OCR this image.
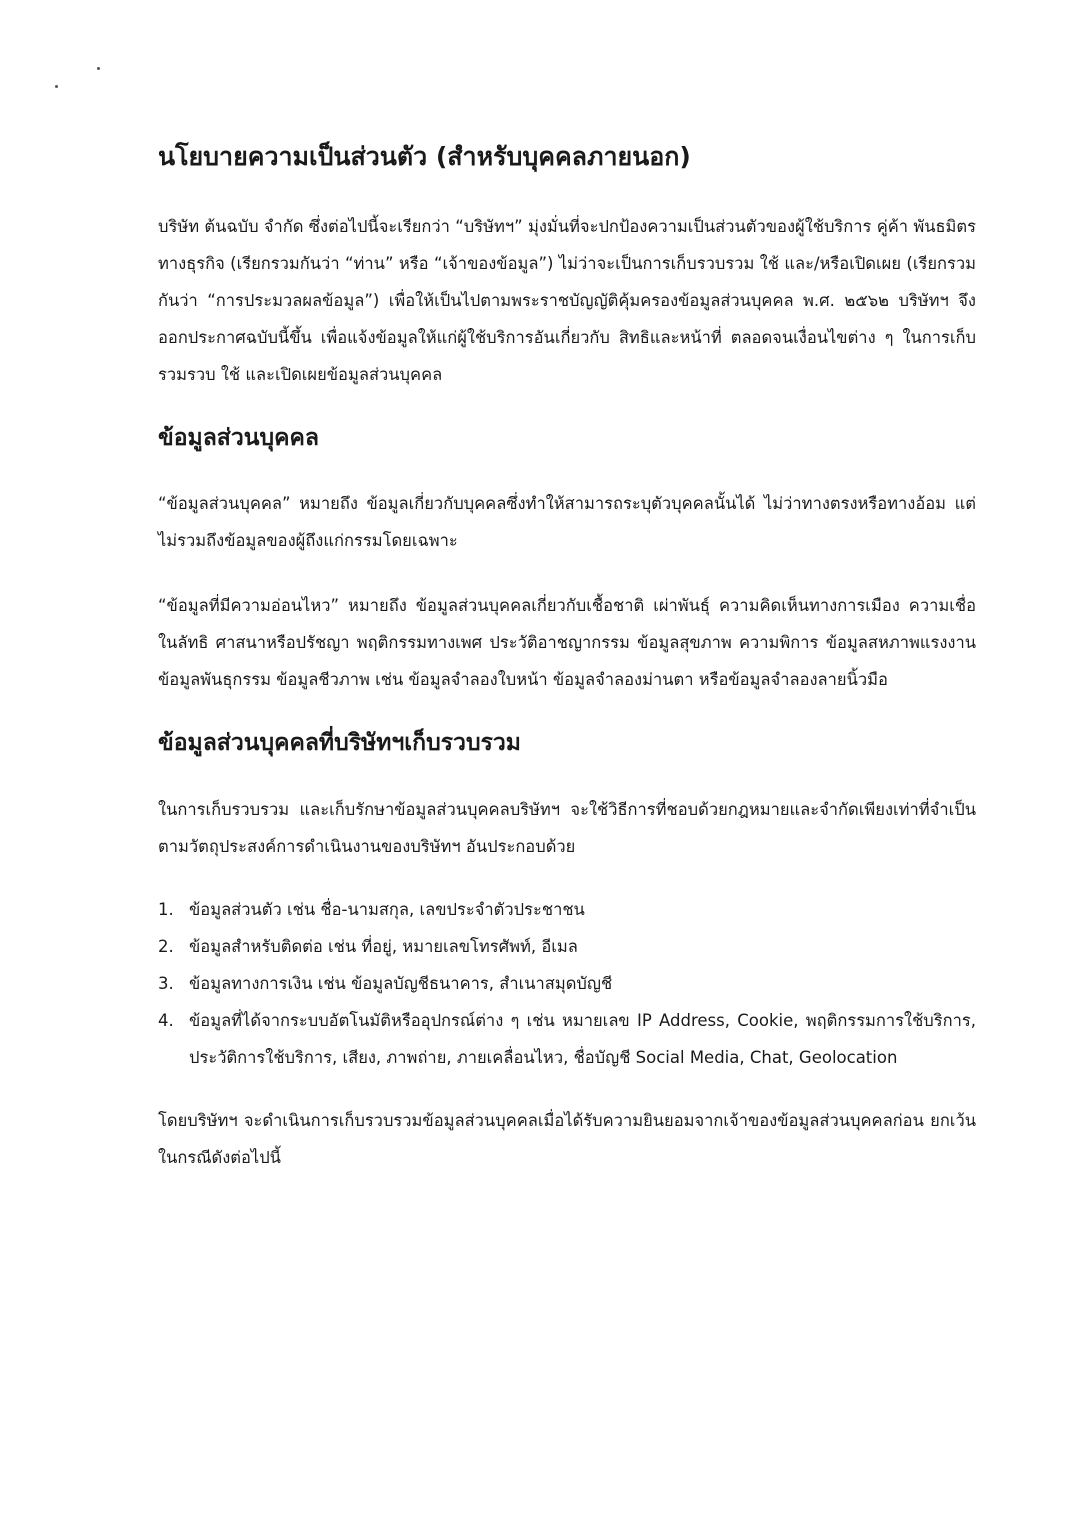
นโยบายความเป็นส่วนตัว (สำหรับบุคคลภายนอก)

บริษัท ต้นฉบับ จำกัด ซึ่งต่อไปนี้จะเรียกว่า “บริษัทฯ” มุ่งมั่นที่จะปกป้องความเป็นส่วนตัวของผู้ใช้บริการ คู่ค้า พันธมิตรทางธุรกิจ (เรียกรวมกันว่า “ท่าน” หรือ “เจ้าของข้อมูล”) ไม่ว่าจะเป็นการเก็บรวบรวม ใช้ และ/หรือเปิดเผย (เรียกรวมกันว่า “การประมวลผลข้อมูล”) เพื่อให้เป็นไปตามพระราชบัญญัติคุ้มครองข้อมูลส่วนบุคคล พ.ศ. ๒๕๖๒ บริษัทฯ จึงออกประกาศฉบับนี้ขึ้น เพื่อแจ้งข้อมูลให้แก่ผู้ใช้บริการอันเกี่ยวกับ สิทธิและหน้าที่ ตลอดจนเงื่อนไขต่าง ๆ ในการเก็บ รวมรวบ ใช้ และเปิดเผยข้อมูลส่วนบุคคล

ข้อมูลส่วนบุคคล

“ข้อมูลส่วนบุคคล” หมายถึง ข้อมูลเกี่ยวกับบุคคลซึ่งทำให้สามารถระบุตัวบุคคลนั้นได้ ไม่ว่าทางตรงหรือทางอ้อม แต่ไม่รวมถึงข้อมูลของผู้ถึงแก่กรรมโดยเฉพาะ

“ข้อมูลที่มีความอ่อนไหว” หมายถึง ข้อมูลส่วนบุคคลเกี่ยวกับเชื้อชาติ เผ่าพันธุ์ ความคิดเห็นทางการเมือง ความเชื่อในลัทธิ ศาสนาหรือปรัชญา พฤติกรรมทางเพศ ประวัติอาชญากรรม ข้อมูลสุขภาพ ความพิการ ข้อมูลสหภาพแรงงาน ข้อมูลพันธุกรรม ข้อมูลชีวภาพ เช่น ข้อมูลจำลองใบหน้า ข้อมูลจำลองม่านตา หรือข้อมูลจำลองลายนิ้วมือ

ข้อมูลส่วนบุคคลที่บริษัทฯเก็บรวบรวม

ในการเก็บรวบรวม และเก็บรักษาข้อมูลส่วนบุคคลบริษัทฯ จะใช้วิธีการที่ชอบด้วยกฎหมายและจำกัดเพียงเท่าที่จำเป็นตามวัตถุประสงค์การดำเนินงานของบริษัทฯ อันประกอบด้วย

1. ข้อมูลส่วนตัว เช่น ชื่อ-นามสกุล, เลขประจำตัวประชาชน
2. ข้อมูลสำหรับติดต่อ เช่น ที่อยู่, หมายเลขโทรศัพท์, อีเมล
3. ข้อมูลทางการเงิน เช่น ข้อมูลบัญชีธนาคาร, สำเนาสมุดบัญชี
4. ข้อมูลที่ได้จากระบบอัตโนมัติหรืออุปกรณ์ต่าง ๆ เช่น หมายเลข IP Address, Cookie, พฤติกรรมการใช้บริการ, ประวัติการใช้บริการ, เสียง, ภาพถ่าย, ภายเคลื่อนไหว, ชื่อบัญชี Social Media, Chat, Geolocation

โดยบริษัทฯ จะดำเนินการเก็บรวบรวมข้อมูลส่วนบุคคลเมื่อได้รับความยินยอมจากเจ้าของข้อมูลส่วนบุคคลก่อน ยกเว้นในกรณีดังต่อไปนี้
